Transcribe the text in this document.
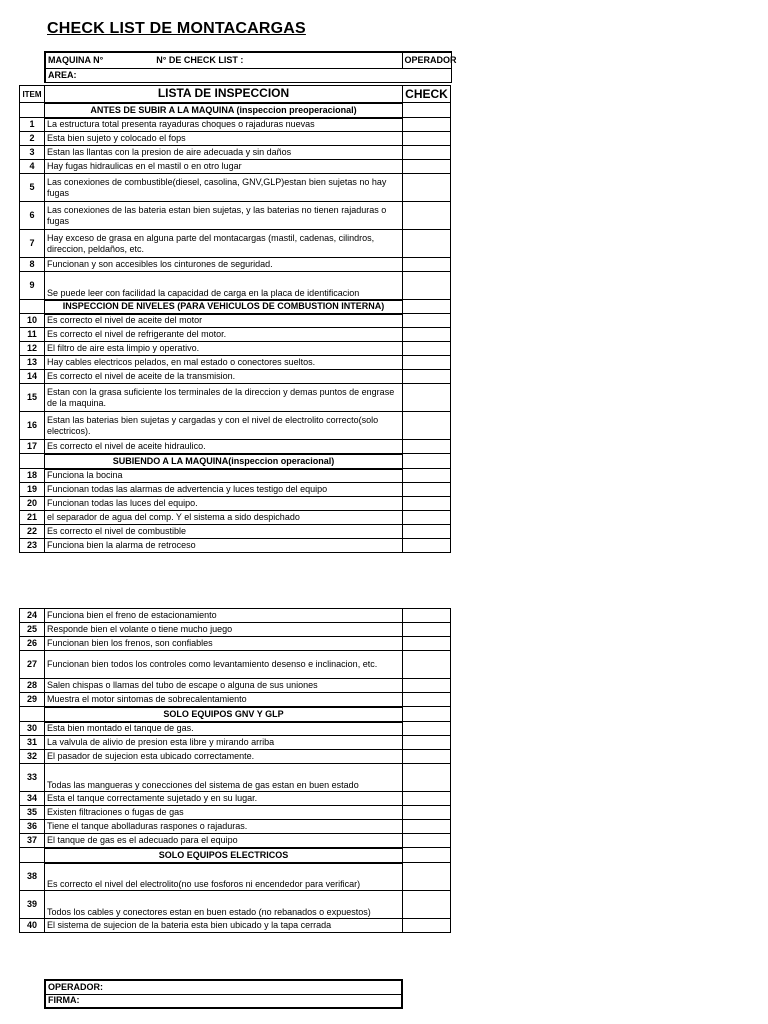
CHECK LIST DE MONTACARGAS
MAQUINA N°	N° DE CHECK LIST :	OPERADOR
AREA:
ITEM	LISTA DE INSPECCION	CHECK
	ANTES DE SUBIR A LA MAQUINA (inspeccion preoperacional)	
1	La estructura total presenta rayaduras choques o rajaduras nuevas	
2	Esta bien sujeto y colocado el fops	
3	Estan las llantas con la presion de aire adecuada y sin daños	
4	Hay fugas hidraulicas en el mastil o en otro lugar	
5	Las conexiones de combustible(diesel, casolina, GNV,GLP)estan bien sujetas no hay fugas	
6	Las conexiones de las bateria estan bien sujetas, y las baterias no tienen rajaduras o fugas	
7	Hay exceso de grasa en alguna parte del montacargas (mastil, cadenas, cilindros, direccion, peldaños, etc.	
8	Funcionan y son accesibles los cinturones de seguridad.	
9	Se puede leer con facilidad la capacidad de carga en la placa de identificacion	
	INSPECCION DE NIVELES (PARA VEHICULOS DE COMBUSTION INTERNA)	
10	Es correcto el nivel de aceite del motor	
11	Es correcto el nivel de refrigerante del motor.	
12	El filtro de aire esta limpio y operativo.	
13	Hay cables electricos pelados, en mal estado o conectores sueltos.	
14	Es correcto el nivel de aceite de la transmision.	
15	Estan con la grasa suficiente los terminales de la direccion y demas puntos de engrase de la maquina.	
16	Estan las baterias bien sujetas y cargadas y con el nivel de electrolito correcto(solo electricos).	
17	Es correcto el nivel de aceite hidraulico.	
	SUBIENDO A LA MAQUINA(inspeccion operacional)	
18	Funciona la bocina	
19	Funcionan todas las alarmas de advertencia y luces testigo del equipo	
20	Funcionan todas las luces del equipo.	
21	el separador de agua del comp. Y el sistema a sido despichado	
22	Es correcto el nivel de combustible	
23	Funciona bien la alarma de retroceso	
24	Funciona bien el freno de estacionamiento	
25	Responde bien el volante o tiene mucho juego	
26	Funcionan bien los frenos, son confiables	
27	Funcionan bien todos los controles como levantamiento desenso e inclinacion, etc.	
28	Salen chispas o llamas del tubo de escape o alguna de sus uniones	
29	Muestra el motor sintomas de sobrecalentamiento	
	SOLO EQUIPOS GNV Y GLP	
30	Esta bien montado el tanque de gas.	
31	La valvula de alivio de presion esta libre y mirando arriba	
32	El pasador de sujecion esta ubicado correctamente.	
33	Todas las mangueras y conecciones del sistema de gas estan en buen estado	
34	Esta el tanque correctamente sujetado y en su lugar.	
35	Existen filtraciones o fugas de gas	
36	Tiene el tanque abolladuras raspones o rajaduras.	
37	El tanque de gas es el adecuado para el equipo	
	SOLO EQUIPOS ELECTRICOS	
38	Es correcto el nivel del electrolito(no use fosforos ni encendedor para verificar)	
39	Todos los cables y conectores estan en buen estado (no rebanados o expuestos)	
40	El sistema de sujecion de la bateria esta bien ubicado y la tapa cerrada	
OPERADOR:
FIRMA:
